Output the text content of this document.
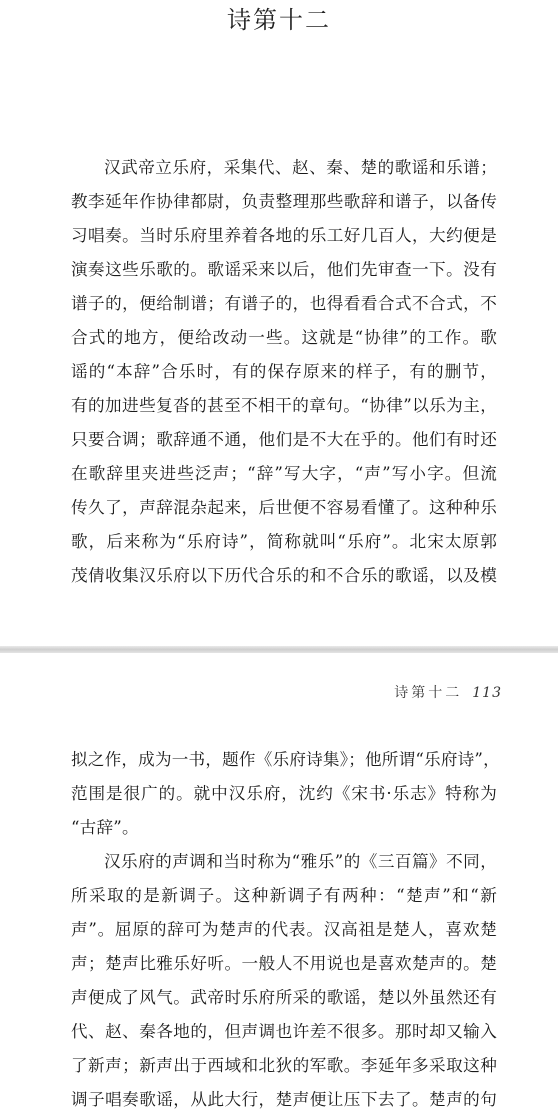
诗第十二
汉武帝立乐府，采集代、赵、秦、楚的歌谣和乐谱；
教李延年作协律都尉，负责整理那些歌辞和谱子，以备传
习唱奏。当时乐府里养着各地的乐工好几百人，大约便是
演奏这些乐歌的。歌谣采来以后，他们先审查一下。没有
谱子的，便给制谱；有谱子的，也得看看合式不合式，不
合式的地方，便给改动一些。这就是“协律”的工作。歌
谣的“本辞”合乐时，有的保存原来的样子，有的删节，
有的加进些复沓的甚至不相干的章句。“协律”以乐为主，
只要合调；歌辞通不通，他们是不大在乎的。他们有时还
在歌辞里夹进些泛声；“辞”写大字，“声”写小字。但流
传久了，声辞混杂起来，后世便不容易看懂了。这种种乐
歌，后来称为“乐府诗”，简称就叫“乐府”。北宋太原郭
茂倩收集汉乐府以下历代合乐的和不合乐的歌谣，以及模
诗第十二 113
拟之作，成为一书，题作《乐府诗集》；他所谓“乐府诗”，
范围是很广的。就中汉乐府，沈约《宋书·乐志》特称为
“古辞”。
汉乐府的声调和当时称为“雅乐”的《三百篇》不同，
所采取的是新调子。这种新调子有两种：“楚声”和“新
声”。屈原的辞可为楚声的代表。汉高祖是楚人，喜欢楚
声；楚声比雅乐好听。一般人不用说也是喜欢楚声的。楚
声便成了风气。武帝时乐府所采的歌谣，楚以外虽然还有
代、赵、秦各地的，但声调也许差不很多。那时却又输入
了新声；新声出于西域和北狄的军歌。李延年多采取这种
调子唱奏歌谣，从此大行，楚声便让压下去了。楚声的句
